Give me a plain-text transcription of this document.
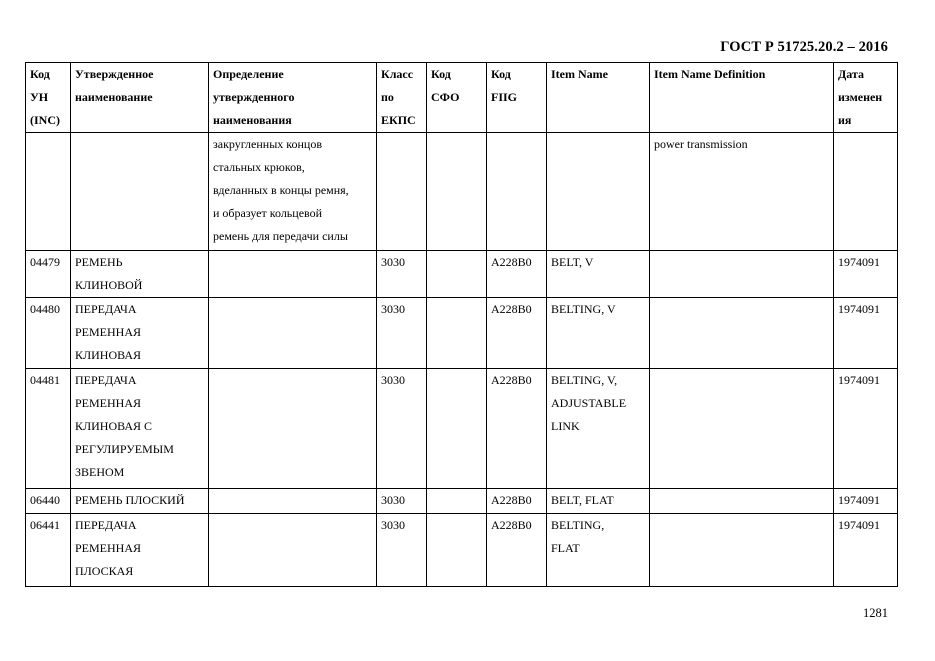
ГОСТ Р 51725.20.2 – 2016
Код
УН
(INC)	Утвержденное
наименование	Определение
утвержденного
наименования	Класс
по
ЕКПС	Код
СФО	Код
FIIG	Item Name	Item Name Definition	Дата
изменен
ия

		закругленных концов
стальных крюков,
вделанных в концы ремня,
и образует кольцевой
ремень для передачи силы					power transmission	

04479	РЕМЕНЬ
КЛИНОВОЙ		3030		A228B0	BELT, V		1974091

04480	ПЕРЕДАЧА
РЕМЕННАЯ
КЛИНОВАЯ		3030		A228B0	BELTING, V		1974091

04481	ПЕРЕДАЧА
РЕМЕННАЯ
КЛИНОВАЯ С
РЕГУЛИРУЕМЫМ
ЗВЕНОМ		3030		A228B0	BELTING, V,
ADJUSTABLE
LINK		1974091

06440	РЕМЕНЬ ПЛОСКИЙ		3030		A228B0	BELT, FLAT		1974091

06441	ПЕРЕДАЧА
РЕМЕННАЯ
ПЛОСКАЯ		3030		A228B0	BELTING,
FLAT		1974091
1281
